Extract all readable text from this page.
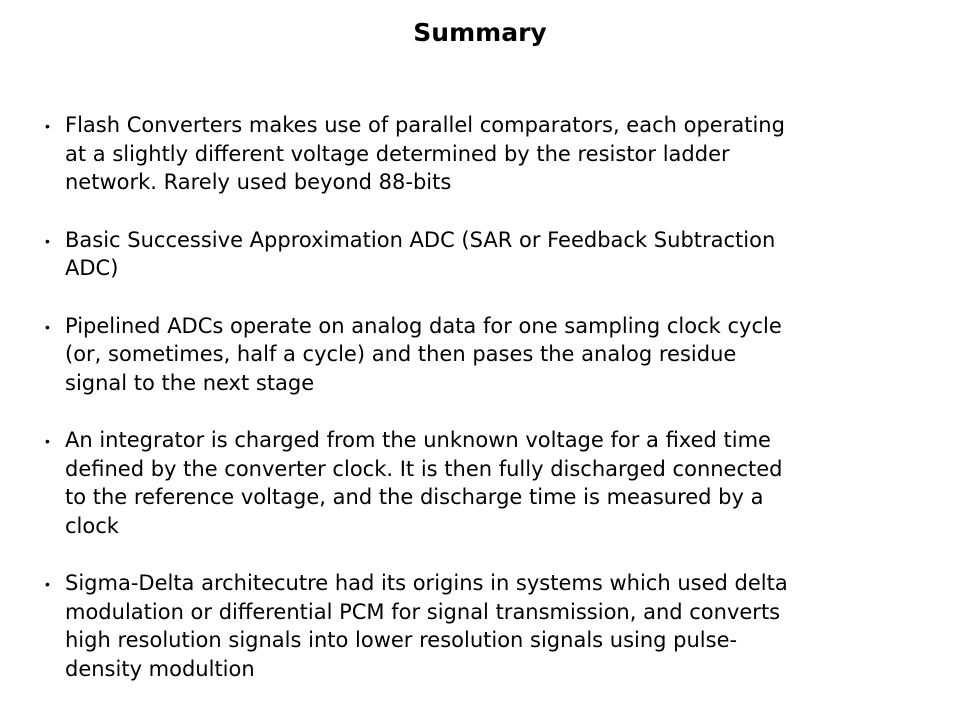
Summary
• Flash Converters makes use of parallel comparators, each operating
at a slightly different voltage determined by the resistor ladder
network. Rarely used beyond 88-bits
• Basic Successive Approximation ADC (SAR or Feedback Subtraction
ADC)
• Pipelined ADCs operate on analog data for one sampling clock cycle
(or, sometimes, half a cycle) and then pases the analog residue
signal to the next stage
• An integrator is charged from the unknown voltage for a fixed time
defined by the converter clock. It is then fully discharged connected
to the reference voltage, and the discharge time is measured by a
clock
• Sigma-Delta architecutre had its origins in systems which used delta
modulation or differential PCM for signal transmission, and converts
high resolution signals into lower resolution signals using pulse-
density modultion
